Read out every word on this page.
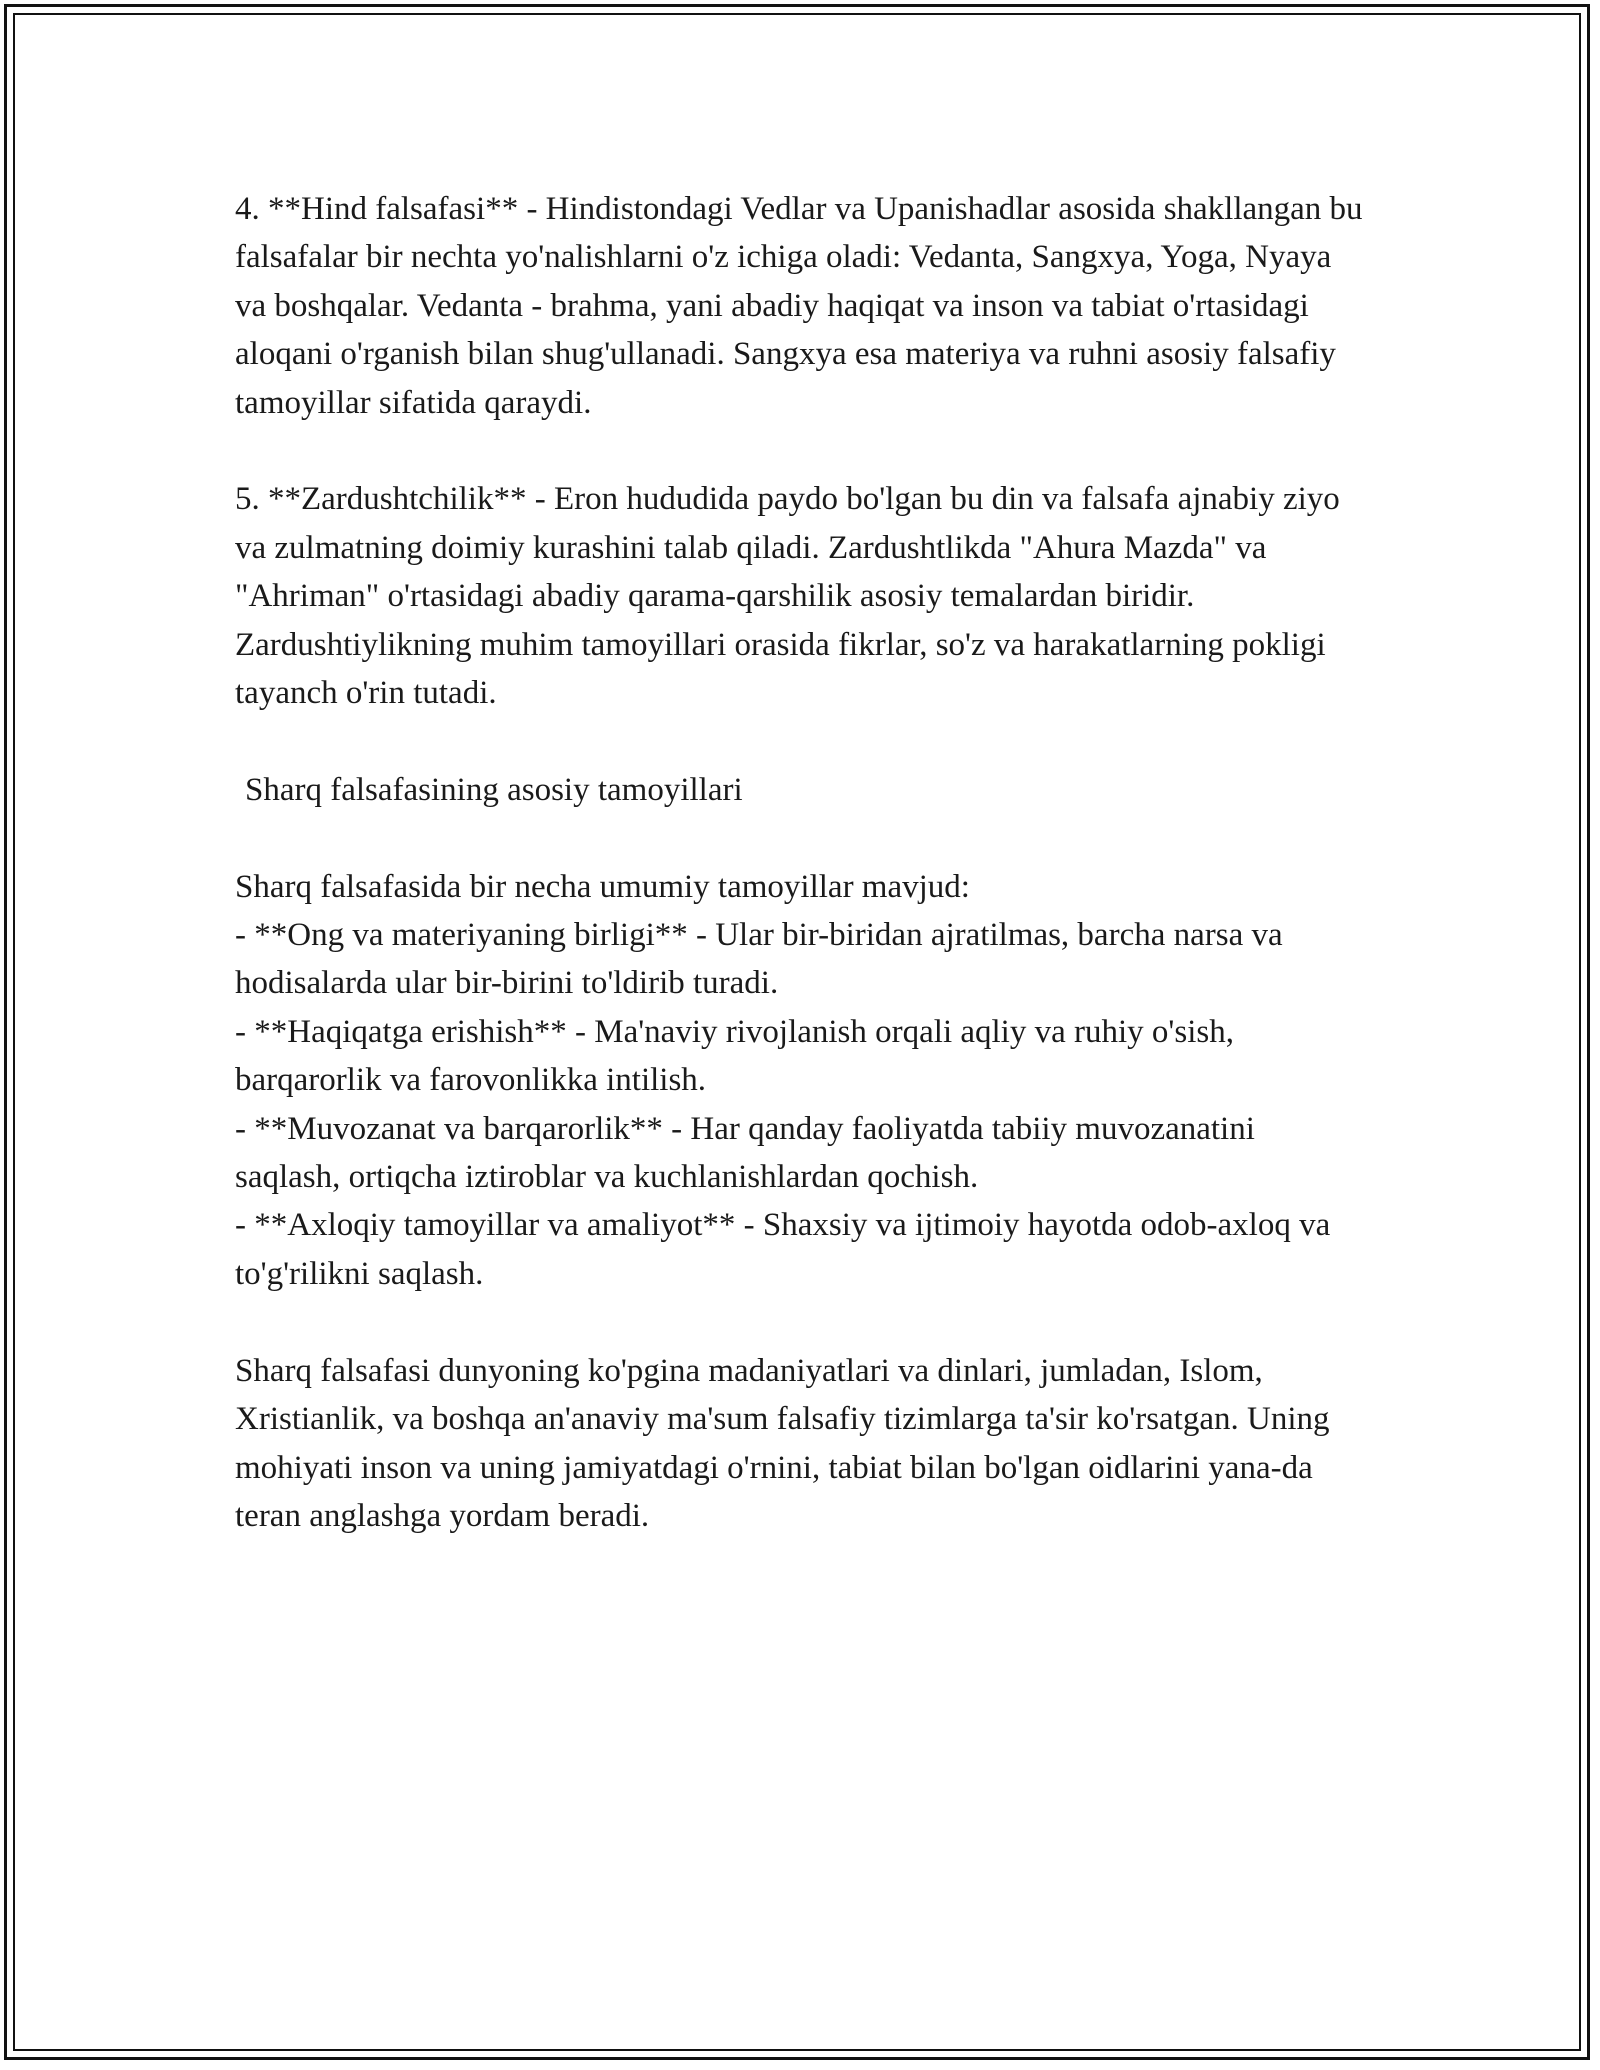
4. **Hind falsafasi** - Hindistondagi Vedlar va Upanishadlar asosida shakllangan bu falsafalar bir nechta yo'nalishlarni o'z ichiga oladi: Vedanta, Sangxya, Yoga, Nyaya va boshqalar. Vedanta - brahma, yani abadiy haqiqat va inson va tabiat o'rtasidagi aloqani o'rganish bilan shug'ullanadi. Sangxya esa materiya va ruhni asosiy falsafiy tamoyillar sifatida qaraydi.

5. **Zardushtchilik** - Eron hududida paydo bo'lgan bu din va falsafa ajnabiy ziyo va zulmatning doimiy kurashini talab qiladi. Zardushtlikda "Ahura Mazda" va "Ahriman" o'rtasidagi abadiy qarama-qarshilik asosiy temalardan biridir. Zardushtiylikning muhim tamoyillari orasida fikrlar, so'z va harakatlarning pokligi tayanch o'rin tutadi.

Sharq falsafasining asosiy tamoyillari

Sharq falsafasida bir necha umumiy tamoyillar mavjud:

- **Ong va materiyaning birligi** - Ular bir-biridan ajratilmas, barcha narsa va hodisalarda ular bir-birini to'ldirib turadi.

- **Haqiqatga erishish** - Ma'naviy rivojlanish orqali aqliy va ruhiy o'sish, barqarorlik va farovonlikka intilish.

- **Muvozanat va barqarorlik** - Har qanday faoliyatda tabiiy muvozanatini saqlash, ortiqcha iztiroblar va kuchlanishlardan qochish.

- **Axloqiy tamoyillar va amaliyot** - Shaxsiy va ijtimoiy hayotda odob-axloq va to'g'rilikni saqlash.

Sharq falsafasi dunyoning ko'pgina madaniyatlari va dinlari, jumladan, Islom, Xristianlik, va boshqa an'anaviy ma'sum falsafiy tizimlarga ta'sir ko'rsatgan. Uning mohiyati inson va uning jamiyatdagi o'rnini, tabiat bilan bo'lgan oidlarini yana-da teran anglashga yordam beradi.
